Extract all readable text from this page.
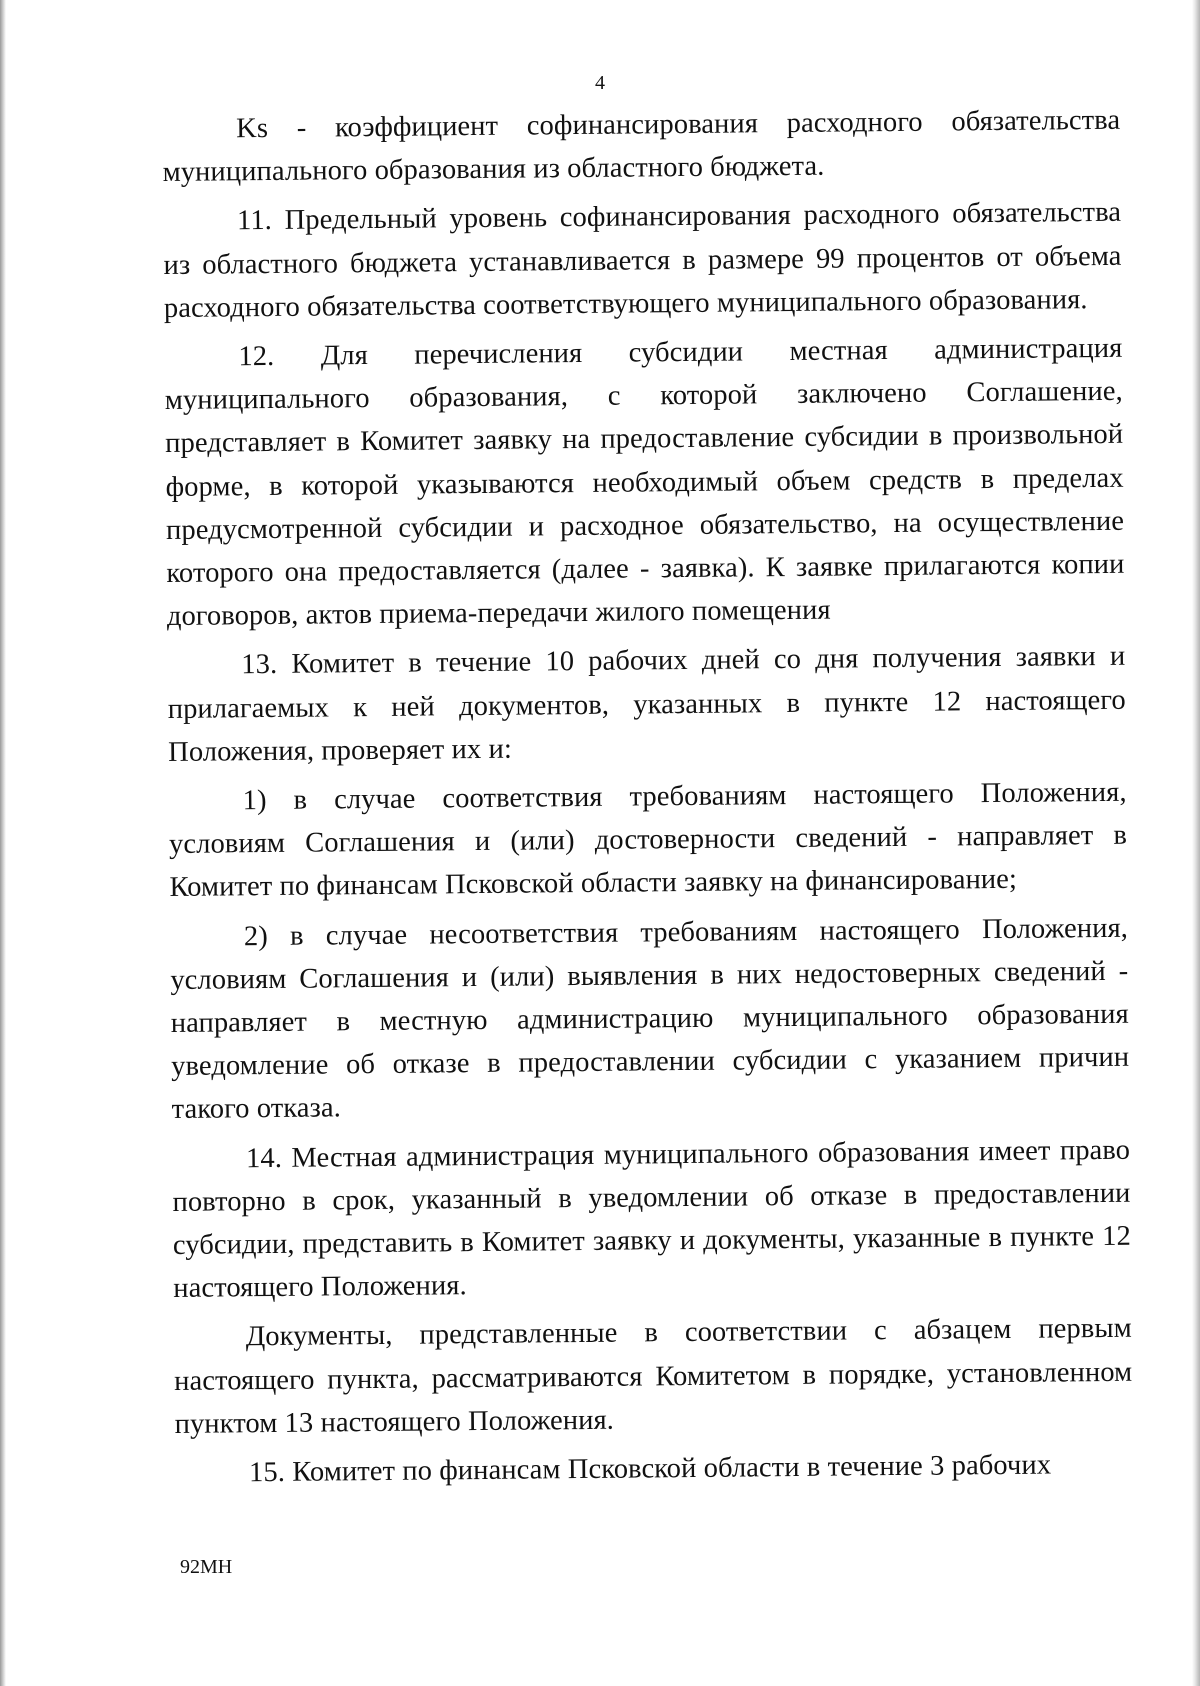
4

Ks - коэффициент софинансирования расходного обязательства муниципального образования из областного бюджета.

11. Предельный уровень софинансирования расходного обязательства из областного бюджета устанавливается в размере 99 процентов от объема расходного обязательства соответствующего муниципального образования.

12. Для перечисления субсидии местная администрация муниципального образования, с которой заключено Соглашение, представляет в Комитет заявку на предоставление субсидии в произвольной форме, в которой указываются необходимый объем средств в пределах предусмотренной субсидии и расходное обязательство, на осуществление которого она предоставляется (далее - заявка). К заявке прилагаются копии договоров, актов приема-передачи жилого помещения

13. Комитет в течение 10 рабочих дней со дня получения заявки и прилагаемых к ней документов, указанных в пункте 12 настоящего Положения, проверяет их и:

1) в случае соответствия требованиям настоящего Положения, условиям Соглашения и (или) достоверности сведений - направляет в Комитет по финансам Псковской области заявку на финансирование;

2) в случае несоответствия требованиям настоящего Положения, условиям Соглашения и (или) выявления в них недостоверных сведений - направляет в местную администрацию муниципального образования уведомление об отказе в предоставлении субсидии с указанием причин такого отказа.

14. Местная администрация муниципального образования имеет право повторно в срок, указанный в уведомлении об отказе в предоставлении субсидии, представить в Комитет заявку и документы, указанные в пункте 12 настоящего Положения.

Документы, представленные в соответствии с абзацем первым настоящего пункта, рассматриваются Комитетом в порядке, установленном пунктом 13 настоящего Положения.

15. Комитет по финансам Псковской области в течение 3 рабочих

92МН
